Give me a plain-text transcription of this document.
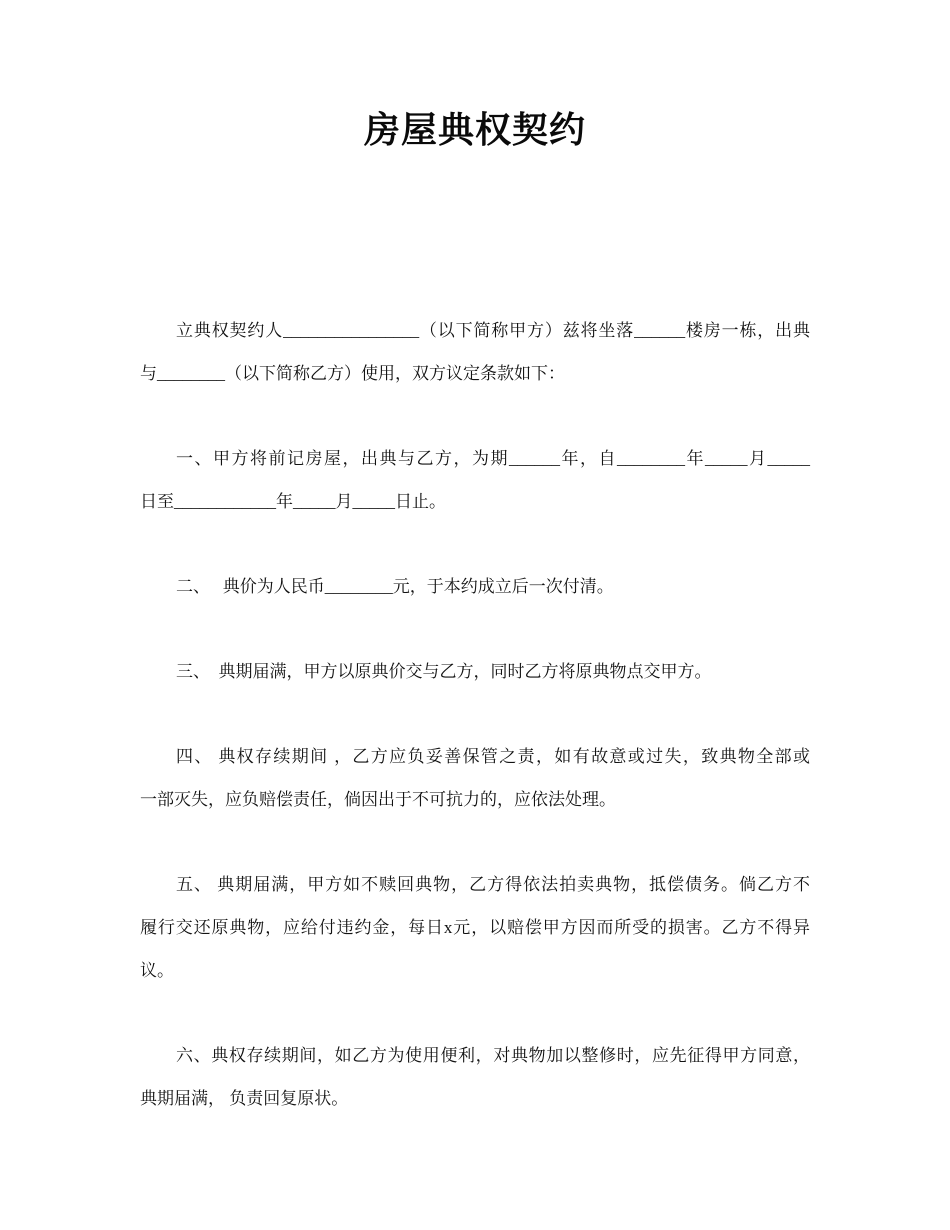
房屋典权契约

立典权契约人________________（以下简称甲方）兹将坐落______楼房一栋，出典
与________（以下简称乙方）使用，双方议定条款如下：

一、甲方将前记房屋，出典与乙方，为期______年，自________年_____月_____
日至____________年_____月_____日止。

二、   典价为人民币________元，于本约成立后一次付清。

三、  典期届满，甲方以原典价交与乙方，同时乙方将原典物点交甲方。

四、 典权存续期间 ，乙方应负妥善保管之责，如有故意或过失，致典物全部或
一部灭失，应负赔偿责任，倘因出于不可抗力的，应依法处理。

五、 典期届满，甲方如不赎回典物，乙方得依法拍卖典物，抵偿债务。倘乙方不
履行交还原典物，应给付违约金，每日x元，以赔偿甲方因而所受的损害。乙方不得异
议。

六、典权存续期间，如乙方为使用便利，对典物加以整修时，应先征得甲方同意，
典期届满， 负责回复原状。
